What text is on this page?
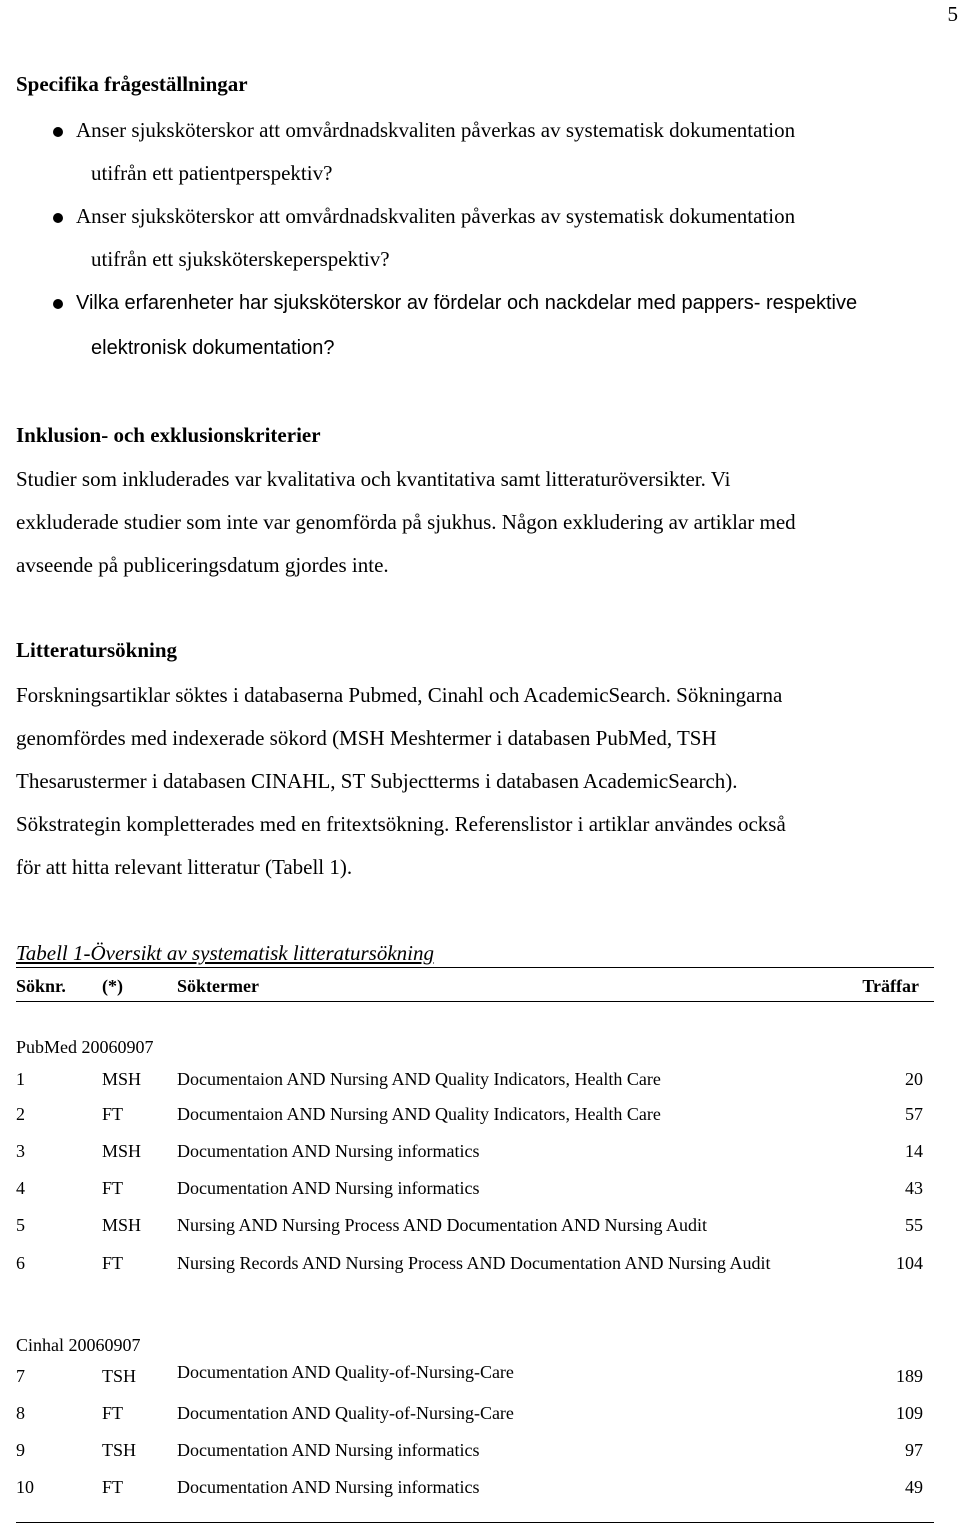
5
Specifika frågeställningar
Anser sjuksköterskor att omvårdnadskvaliten påverkas av systematisk dokumentation
utifrån ett patientperspektiv?
Anser sjuksköterskor att omvårdnadskvaliten påverkas av systematisk dokumentation
utifrån ett sjuksköterskeperspektiv?
Vilka erfarenheter har sjuksköterskor av fördelar och nackdelar med pappers- respektive
elektronisk dokumentation?
Inklusion- och exklusionskriterier
Studier som inkluderades var kvalitativa och kvantitativa samt litteraturöversikter. Vi
exkluderade studier som inte var genomförda på sjukhus. Någon exkludering av artiklar med
avseende på publiceringsdatum gjordes inte.
Litteratursökning
Forskningsartiklar söktes i databaserna Pubmed, Cinahl och AcademicSearch. Sökningarna
genomfördes med indexerade sökord (MSH Meshtermer i databasen PubMed, TSH
Thesarustermer i databasen CINAHL, ST Subjectterms i databasen AcademicSearch).
Sökstrategin kompletterades med en fritextsökning. Referenslistor i artiklar användes också
för att hitta relevant litteratur (Tabell 1).
Tabell 1-Översikt av systematisk litteratursökning
Söknr. (*)	Söktermer	Träffar
PubMed 20060907
1	MSH Documentaion AND Nursing AND Quality Indicators, Health Care	20
2	FT	Documentaion AND Nursing AND Quality Indicators, Health Care	57
3	MSH Documentation AND Nursing informatics	14
4	FT	Documentation AND Nursing informatics	43
5	MSH Nursing AND Nursing Process AND Documentation AND Nursing Audit	55
6	FT	Nursing Records AND Nursing Process AND Documentation AND Nursing Audit	104
Cinhal 20060907
7	TSH Documentation AND Quality-of-Nursing-Care	189
8	FT	Documentation AND Quality-of-Nursing-Care	109
9	TSH Documentation AND Nursing informatics	97
10	FT	Documentation AND Nursing informatics	49
